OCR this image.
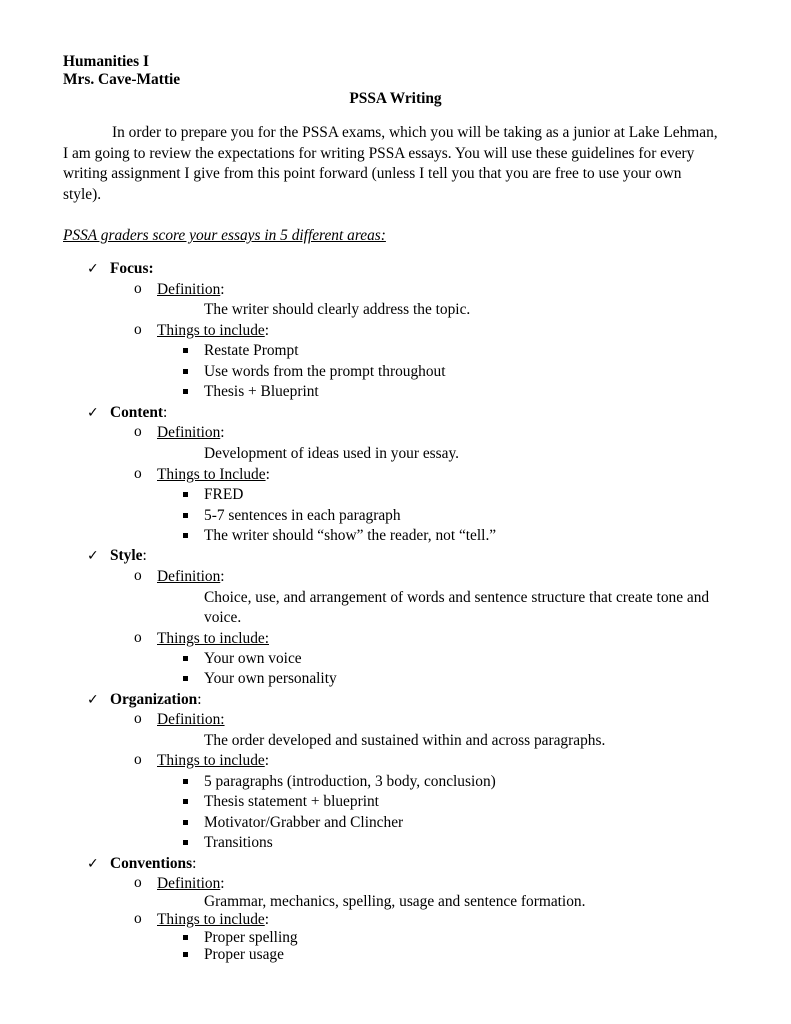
Humanities I
Mrs. Cave-Mattie
PSSA Writing
In order to prepare you for the PSSA exams, which you will be taking as a junior at Lake Lehman,
I am going to review the expectations for writing PSSA essays. You will use these guidelines for every
writing assignment I give from this point forward (unless I tell you that you are free to use your own
style).
PSSA graders score your essays in 5 different areas:
✓ Focus:
o Definition:
The writer should clearly address the topic.
o Things to include:
Restate Prompt
Use words from the prompt throughout
Thesis + Blueprint
✓ Content:
o Definition:
Development of ideas used in your essay.
o Things to Include:
FRED
5-7 sentences in each paragraph
The writer should “show” the reader, not “tell.”
✓ Style:
o Definition:
Choice, use, and arrangement of words and sentence structure that create tone and
voice.
o Things to include:
Your own voice
Your own personality
✓ Organization:
o Definition:
The order developed and sustained within and across paragraphs.
o Things to include:
5 paragraphs (introduction, 3 body, conclusion)
Thesis statement + blueprint
Motivator/Grabber and Clincher
Transitions
✓ Conventions:
o Definition:
Grammar, mechanics, spelling, usage and sentence formation.
o Things to include:
Proper spelling
Proper usage
